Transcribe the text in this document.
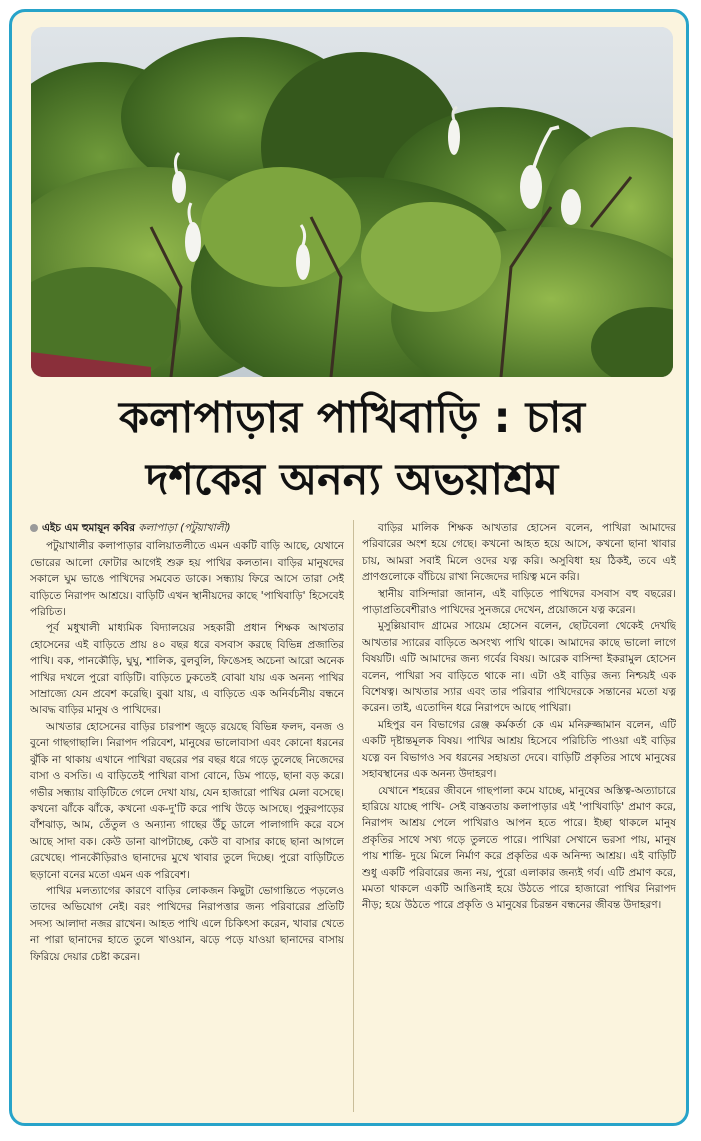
কলাপাড়ার পাখিবাড়ি : চার
দশকের অনন্য অভয়াশ্রম
এইচ এম হুমায়ূন কবির কলাপাড়া (পটুয়াখালী)

পটুয়াখালীর কলাপাড়ার বালিয়াতলীতে এমন একটি বাড়ি আছে, যেখানে ভোরের আলো ফোটার আগেই শুরু হয় পাখির কলতান। বাড়ির মানুষদের সকালে ঘুম ভাঙে পাখিদের সমবেত ডাকে। সন্ধ্যায় ফিরে আসে তারা সেই বাড়িতে নিরাপদ আশ্রয়ে। বাড়িটি এখন স্থানীয়দের কাছে 'পাখিবাড়ি' হিসেবেই পরিচিত।

পূর্ব মধুখালী মাধ্যমিক বিদ্যালয়ের সহকারী প্রধান শিক্ষক আখতার হোসেনের এই বাড়িতে প্রায় ৪০ বছর ধরে বসবাস করছে বিভিন্ন প্রজাতির পাখি। বক, পানকৌড়ি, ঘুঘু, শালিক, বুলবুলি, ফিঙেসহ অচেনা আরো অনেক পাখির দখলে পুরো বাড়িটি। বাড়িতে ঢুকতেই বোঝা যায় এক অনন্য পাখির সাম্রাজ্যে যেন প্রবেশ করেছি। বুঝা যায়, এ বাড়িতে এক অনির্বচনীয় বন্ধনে আবদ্ধ বাড়ির মানুষ ও পাখিদের।

আখতার হোসেনের বাড়ির চারপাশ জুড়ে রয়েছে বিভিন্ন ফলদ, বনজ ও বুনো গাছগাছালি। নিরাপদ পরিবেশ, মানুষের ভালোবাসা এবং কোনো ধরনের ঝুঁকি না থাকায় এখানে পাখিরা বছরের পর বছর ধরে গড়ে তুলেছে নিজেদের বাসা ও বসতি। এ বাড়িতেই পাখিরা বাসা বোনে, ডিম পাড়ে, ছানা বড় করে। গভীর সন্ধ্যায় বাড়িটিতে গেলে দেখা যায়, যেন হাজারো পাখির মেলা বসেছে। কখনো ঝাঁকে ঝাঁকে, কখনো এক-দু'টি করে পাখি উড়ে আসছে। পুকুরপাড়ের বাঁশঝাড়, আম, তেঁতুল ও অন্যান্য গাছের উঁচু ডালে পালাগাদি করে বসে আছে সাদা বক। কেউ ডানা ঝাপটাচ্ছে, কেউ বা বাসার কাছে ছানা আগলে রেখেছে। পানকৌড়িরাও ছানাদের মুখে খাবার তুলে দিচ্ছে। পুরো বাড়িটিতে ছড়ানো বনের মতো এমন এক পরিবেশ।

পাখির মলত্যাগের কারণে বাড়ির লোকজন কিছুটা ভোগান্তিতে পড়লেও তাদের অভিযোগ নেই। বরং পাখিদের নিরাপত্তার জন্য পরিবারের প্রতিটি সদস্য আলাদা নজর রাখেন। আহত পাখি এলে চিকিৎসা করেন, খাবার খেতে না পারা ছানাদের হাতে তুলে খাওয়ান, ঝড়ে পড়ে যাওয়া ছানাদের বাসায় ফিরিয়ে দেয়ার চেষ্টা করেন।

বাড়ির মালিক শিক্ষক আখতার হোসেন বলেন, পাখিরা আমাদের পরিবারের অংশ হয়ে গেছে। কখনো আহত হয়ে আসে, কখনো ছানা খাবার চায়, আমরা সবাই মিলে ওদের যত্ন করি। অসুবিধা হয় ঠিকই, তবে এই প্রাণগুলোকে বাঁচিয়ে রাখা নিজেদের দায়িত্ব মনে করি।

স্থানীয় বাসিন্দারা জানান, এই বাড়িতে পাখিদের বসবাস বহু বছরের। পাড়াপ্রতিবেশীরাও পাখিদের সুনজরে দেখেন, প্রয়োজনে যত্ন করেন।

মুসুল্লিয়াবাদ গ্রামের সায়েম হোসেন বলেন, ছোটবেলা থেকেই দেখছি আখতার স্যারের বাড়িতে অসংখ্য পাখি থাকে। আমাদের কাছে ভালো লাগে বিষয়টি। এটি আমাদের জন্য গর্বের বিষয়। আরেক বাসিন্দা ইকরামুল হোসেন বলেন, পাখিরা সব বাড়িতে থাকে না। এটা ওই বাড়ির জন্য নিশ্চয়ই এক বিশেষত্ব। আখতার স্যার এবং তার পরিবার পাখিদেরকে সন্তানের মতো যত্ন করেন। তাই, এতোদিন ধরে নিরাপদে আছে পাখিরা।

মহিপুর বন বিভাগের রেঞ্জ কর্মকর্তা কে এম মনিরুজ্জামান বলেন, এটি একটি দৃষ্টান্তমূলক বিষয়। পাখির আশ্রয় হিসেবে পরিচিতি পাওয়া এই বাড়ির যত্নে বন বিভাগও সব ধরনের সহায়তা দেবে। বাড়িটি প্রকৃতির সাথে মানুষের সহাবস্থানের এক অনন্য উদাহরণ।

যেখানে শহরের জীবনে গাছপালা কমে যাচ্ছে, মানুষের অস্তিত্ব-অত্যাচারে হারিয়ে যাচ্ছে পাখি- সেই বাস্তবতায় কলাপাড়ার এই 'পাখিবাড়ি' প্রমাণ করে, নিরাপদ আশ্রয় পেলে পাখিরাও আপন হতে পারে। ইচ্ছা থাকলে মানুষ প্রকৃতির সাথে সখ্য গড়ে তুলতে পারে। পাখিরা সেখানে ভরসা পায়, মানুষ পায় শান্তি- দুয়ে মিলে নির্মাণ করে প্রকৃতির এক অনিন্দ্য আশ্রয়। এই বাড়িটি শুধু একটি পরিবারের জন্য নয়, পুরো এলাকার জন্যই গর্ব। এটি প্রমাণ করে, মমতা থাকলে একটি আঙিনাই হয়ে উঠতে পারে হাজারো পাখির নিরাপদ নীড়; হয়ে উঠতে পারে প্রকৃতি ও মানুষের চিরন্তন বন্ধনের জীবন্ত উদাহরণ।
